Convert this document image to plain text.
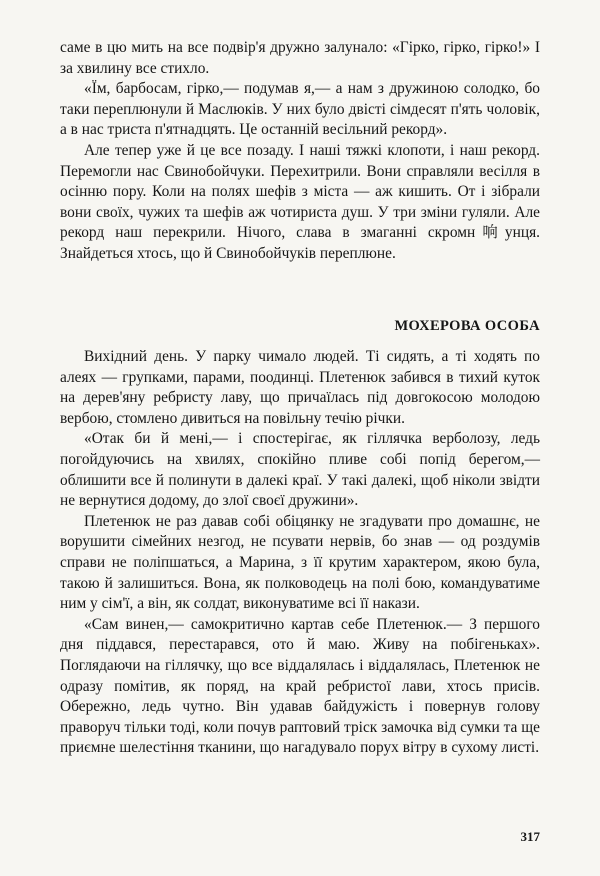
саме в цю мить на все подвір'я дружно залунало: «Гірко, гірко, гірко!» І за хвилину все стихло.

«Їм, барбосам, гірко,— подумав я,— а нам з дружиною солодко, бо таки переплюнули й Маслюків. У них було двісті сімдесят п'ять чоловік, а в нас триста п'ятнадцять. Це останній весільний рекорд».

Але тепер уже й це все позаду. І наші тяжкі клопоти, і наш рекорд. Перемогли нас Свинобойчуки. Перехитрили. Вони справляли весілля в осінню пору. Коли на полях шефів з міста — аж кишить. От і зібрали вони своїх, чужих та шефів аж чотириста душ. У три зміни гуляли. Але рекорд наш перекрили. Нічого, слава в змаганні скромн响унця. Знайдеться хтось, що й Свинобойчуків переплюне.

МОХЕРОВА ОСОБА

Вихідний день. У парку чимало людей. Ті сидять, а ті ходять по алеях — групками, парами, поодинці. Плетенюк забився в тихий куток на дерев'яну ребристу лаву, що причаїлась під довгокосою молодою вербою, стомлено дивиться на повільну течію річки.

«Отак би й мені,— і спостерігає, як гіллячка верболозу, ледь погойдуючись на хвилях, спокійно пливе собі попід берегом,— облишити все й полинути в далекі краї. У такі далекі, щоб ніколи звідти не вернутися додому, до злої своєї дружини».

Плетенюк не раз давав собі обіцянку не згадувати про домашнє, не ворушити сімейних незгод, не псувати нервів, бо знав — од роздумів справи не поліпшаться, а Марина, з її крутим характером, якою була, такою й залишиться. Вона, як полководець на полі бою, командуватиме ним у сім'ї, а він, як солдат, виконуватиме всі її накази.

«Сам винен,— самокритично картав себе Плетенюк.— З першого дня піддався, перестарався, ото й маю. Живу на побігеньках». Поглядаючи на гіллячку, що все віддалялась і віддалялась, Плетенюк не одразу помітив, як поряд, на край ребристої лави, хтось присів. Обережно, ледь чутно. Він удавав байдужість і повернув голову праворуч тільки тоді, коли почув раптовий тріск замочка від сумки та ще приємне шелестіння тканини, що нагадувало порух вітру в сухому листі.

317
